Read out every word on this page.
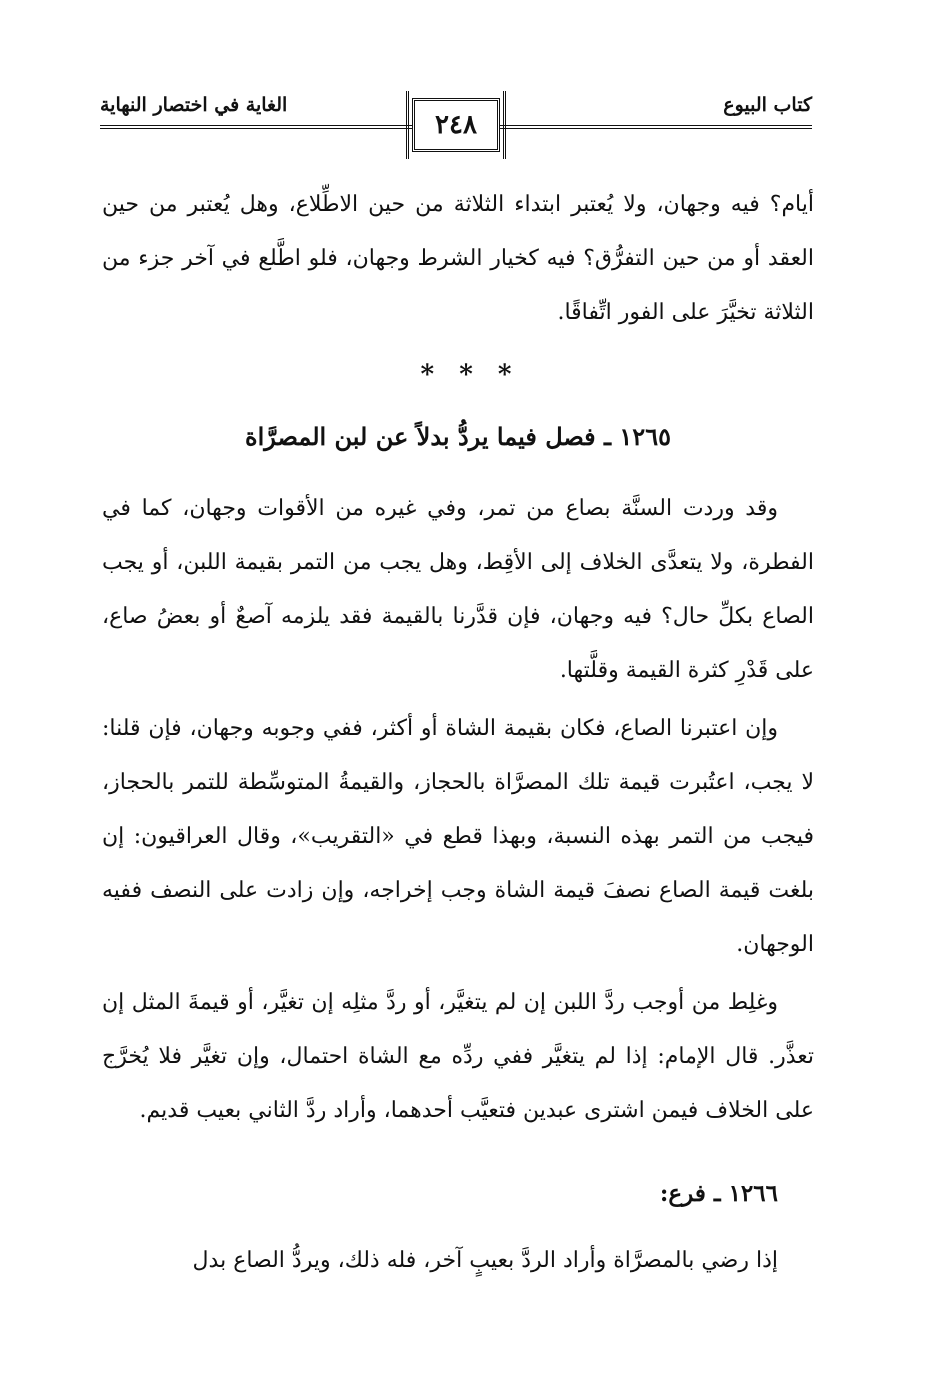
الغاية في اختصار النهاية
٢٤٨
كتاب البيوع

أيام؟ فيه وجهان، ولا يُعتبر ابتداء الثلاثة من حين الاطِّلاع، وهل يُعتبر من حين العقد أو من حين التفرُّق؟ فيه كخيار الشرط وجهان، فلو اطَّلع في آخر جزء من الثلاثة تخيَّرَ على الفور اتِّفاقًا.

* * *
١٢٦٥ ـ فصل فيما يردُّ بدلاً عن لبن المصرَّاة

وقد وردت السنَّة بصاع من تمر، وفي غيره من الأقوات وجهان، كما في الفطرة، ولا يتعدَّى الخلاف إلى الأقِط، وهل يجب من التمر بقيمة اللبن، أو يجب الصاع بكلِّ حال؟ فيه وجهان، فإن قدَّرنا بالقيمة فقد يلزمه آصعٌ أو بعضُ صاع، على قَدْرِ كثرة القيمة وقلَّتها.

وإن اعتبرنا الصاع، فكان بقيمة الشاة أو أكثر، ففي وجوبه وجهان، فإن قلنا: لا يجب، اعتُبرت قيمة تلك المصرَّاة بالحجاز، والقيمةُ المتوسِّطة للتمر بالحجاز، فيجب من التمر بهذه النسبة، وبهذا قطع في «التقريب»، وقال العراقيون: إن بلغت قيمة الصاع نصفَ قيمة الشاة وجب إخراجه، وإن زادت على النصف ففيه الوجهان.

وغلِط من أوجب ردَّ اللبن إن لم يتغيَّر، أو ردَّ مثلِه إن تغيَّر، أو قيمةَ المثل إن تعذَّر. قال الإمام: إذا لم يتغيَّر ففي ردِّه مع الشاة احتمال، وإن تغيَّر فلا يُخرَّج على الخلاف فيمن اشترى عبدين فتعيَّب أحدهما، وأراد ردَّ الثاني بعيب قديم.

١٢٦٦ ـ فرع:

إذا رضي بالمصرَّاة وأراد الردَّ بعيبٍ آخر، فله ذلك، ويردُّ الصاع بدل
